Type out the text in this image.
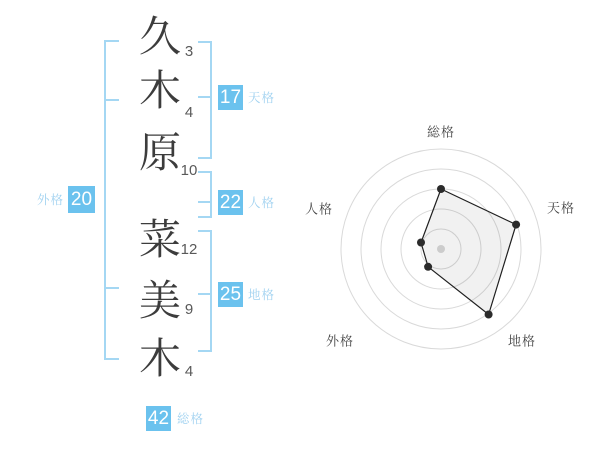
久
木
原
菜
美
木
3
4
10
12
9
4
17 天格
22 人格
25 地格
20
外格
42 総格
総格
天格
地格
外格
人格
